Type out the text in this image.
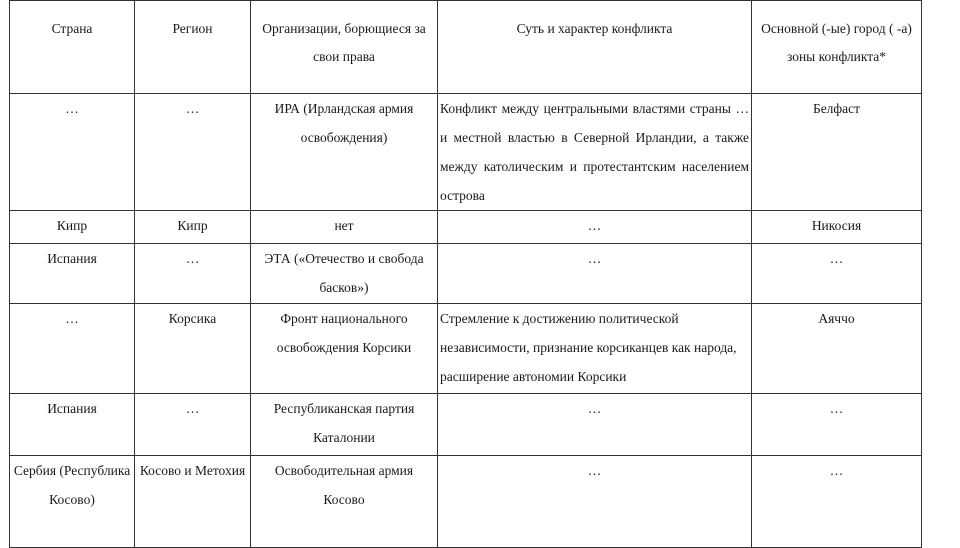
Страна	Регион	Организации, борющиеся за свои права	Суть и характер конфликта	Основной (-ые) город ( -а) зоны конфликта*
…	…	ИРА (Ирландская армия освобождения)	Конфликт между центральными властями страны … и местной властью в Северной Ирландии, а также между католическим и протестантским населением острова	Белфаст
Кипр	Кипр	нет	…	Никосия
Испания	…	ЭТА («Отечество и свобода басков»)	…	…
…	Корсика	Фронт национального освобождения Корсики	Стремление к достижению политической независимости, признание корсиканцев как народа, расширение автономии Корсики	Аяччо
Испания	…	Республиканская партия Каталонии	…	…
Сербия (Республика Косово)	Косово и Метохия	Освободительная армия Косово	…	…
